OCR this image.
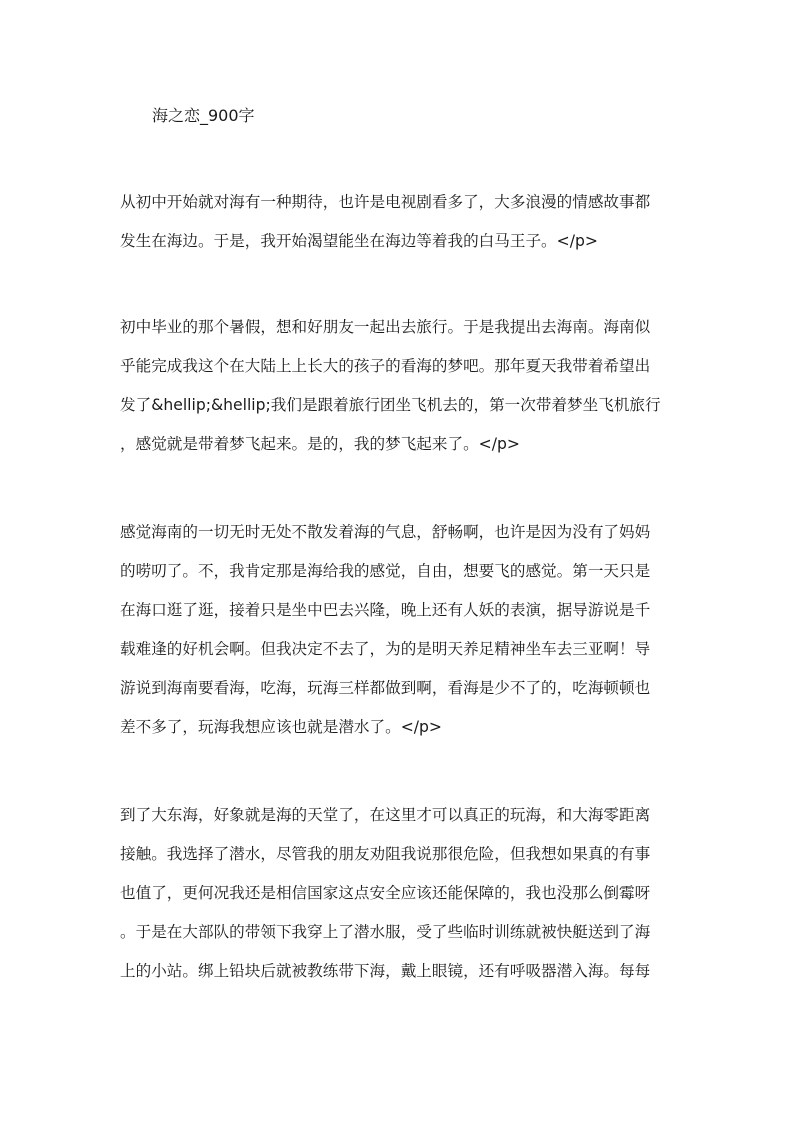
海之恋_900字
从初中开始就对海有一种期待，也许是电视剧看多了，大多浪漫的情感故事都
发生在海边。于是，我开始渴望能坐在海边等着我的白马王子。</p>
初中毕业的那个暑假，想和好朋友一起出去旅行。于是我提出去海南。海南似
乎能完成我这个在大陆上上长大的孩子的看海的梦吧。那年夏天我带着希望出
发了&hellip;&hellip;我们是跟着旅行团坐飞机去的，第一次带着梦坐飞机旅行
，感觉就是带着梦飞起来。是的，我的梦飞起来了。</p>
感觉海南的一切无时无处不散发着海的气息，舒畅啊，也许是因为没有了妈妈
的唠叨了。不，我肯定那是海给我的感觉，自由，想要飞的感觉。第一天只是
在海口逛了逛，接着只是坐中巴去兴隆，晚上还有人妖的表演，据导游说是千
载难逢的好机会啊。但我决定不去了，为的是明天养足精神坐车去三亚啊！导
游说到海南要看海，吃海，玩海三样都做到啊，看海是少不了的，吃海顿顿也
差不多了，玩海我想应该也就是潜水了。</p>
到了大东海，好象就是海的天堂了，在这里才可以真正的玩海，和大海零距离
接触。我选择了潜水，尽管我的朋友劝阻我说那很危险，但我想如果真的有事
也值了，更何况我还是相信国家这点安全应该还能保障的，我也没那么倒霉呀
。于是在大部队的带领下我穿上了潜水服，受了些临时训练就被快艇送到了海
上的小站。绑上铅块后就被教练带下海，戴上眼镜，还有呼吸器潜入海。每每
